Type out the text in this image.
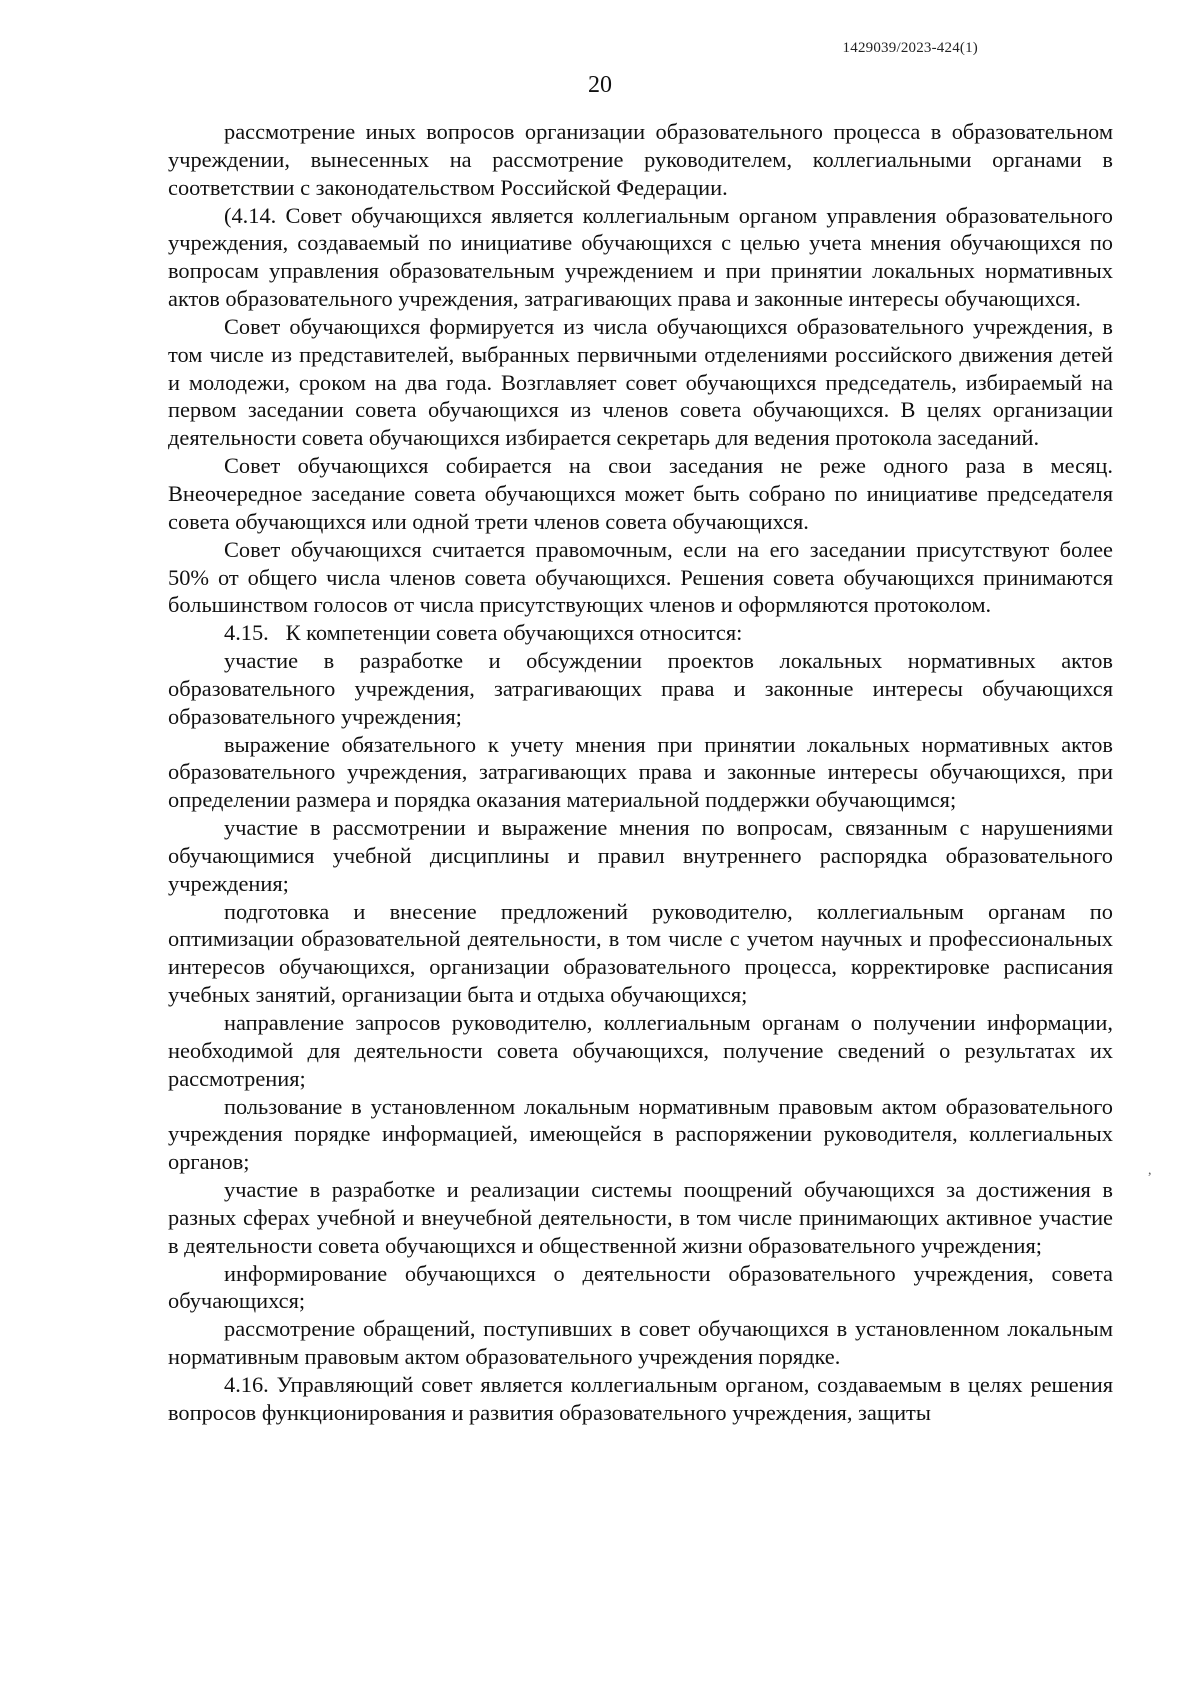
1429039/2023-424(1)
20

рассмотрение иных вопросов организации образовательного процесса в образовательном учреждении, вынесенных на рассмотрение руководителем, коллегиальными органами в соответствии с законодательством Российской Федерации.

(4.14. Совет обучающихся является коллегиальным органом управления образовательного учреждения, создаваемый по инициативе обучающихся с целью учета мнения обучающихся по вопросам управления образовательным учреждением и при принятии локальных нормативных актов образовательного учреждения, затрагивающих права и законные интересы обучающихся.

Совет обучающихся формируется из числа обучающихся образовательного учреждения, в том числе из представителей, выбранных первичными отделениями российского движения детей и молодежи, сроком на два года. Возглавляет совет обучающихся председатель, избираемый на первом заседании совета обучающихся из членов совета обучающихся. В целях организации деятельности совета обучающихся избирается секретарь для ведения протокола заседаний.

Совет обучающихся собирается на свои заседания не реже одного раза в месяц. Внеочередное заседание совета обучающихся может быть собрано по инициативе председателя совета обучающихся или одной трети членов совета обучающихся.

Совет обучающихся считается правомочным, если на его заседании присутствуют более 50% от общего числа членов совета обучающихся. Решения совета обучающихся принимаются большинством голосов от числа присутствующих членов и оформляются протоколом.

4.15.   К компетенции совета обучающихся относится:

участие в разработке и обсуждении проектов локальных нормативных актов образовательного учреждения, затрагивающих права и законные интересы обучающихся образовательного учреждения;

выражение обязательного к учету мнения при принятии локальных нормативных актов образовательного учреждения, затрагивающих права и законные интересы обучающихся, при определении размера и порядка оказания материальной поддержки обучающимся;

участие в рассмотрении и выражение мнения по вопросам, связанным с нарушениями обучающимися учебной дисциплины и правил внутреннего распорядка образовательного учреждения;

подготовка и внесение предложений руководителю, коллегиальным органам по оптимизации образовательной деятельности, в том числе с учетом научных и профессиональных интересов обучающихся, организации образовательного процесса, корректировке расписания учебных занятий, организации быта и отдыха обучающихся;

направление запросов руководителю, коллегиальным органам о получении информации, необходимой для деятельности совета обучающихся, получение сведений о результатах их рассмотрения;

пользование в установленном локальным нормативным правовым актом образовательного учреждения порядке информацией, имеющейся в распоряжении руководителя, коллегиальных органов;

участие в разработке и реализации системы поощрений обучающихся за достижения в разных сферах учебной и внеучебной деятельности, в том числе принимающих активное участие в деятельности совета обучающихся и общественной жизни образовательного учреждения;

информирование обучающихся о деятельности образовательного учреждения, совета обучающихся;

рассмотрение обращений, поступивших в совет обучающихся в установленном локальным нормативным правовым актом образовательного учреждения порядке.

4.16. Управляющий совет является коллегиальным органом, создаваемым в целях решения вопросов функционирования и развития образовательного учреждения, защиты

,
